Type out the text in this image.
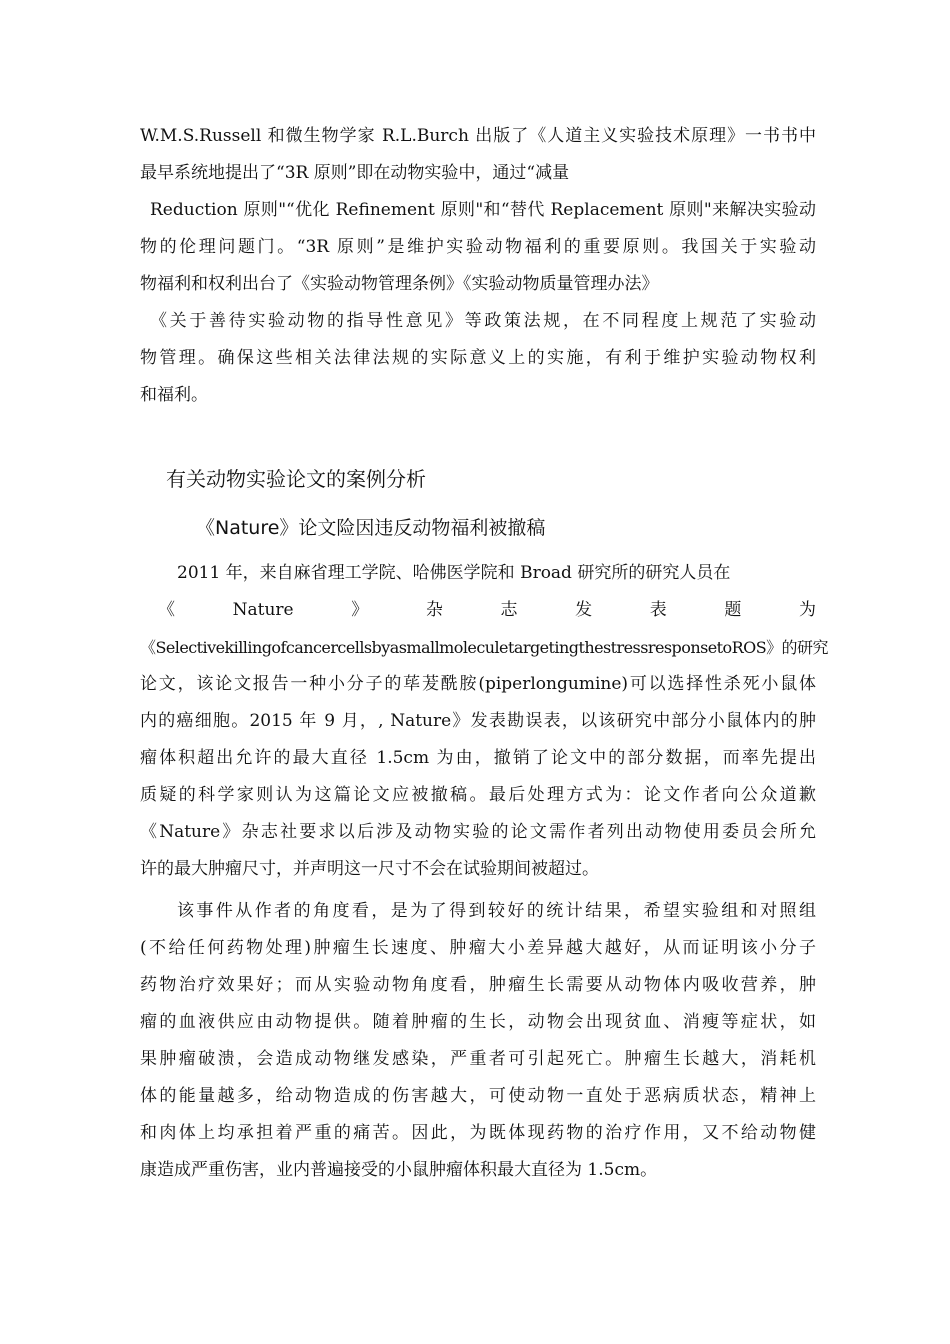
W.M.S.Russell 和微生物学家 R.L.Burch 出版了《人道主义实验技术原理》一书书中
最早系统地提出了“3R 原则”即在动物实验中，通过“减量
Reduction 原则"“优化 Refinement 原则"和“替代 Replacement 原则"来解决实验动
物的伦理问题门。“3R 原则”是维护实验动物福利的重要原则。我国关于实验动
物福利和权利出台了《实验动物管理条例》《实验动物质量管理办法》
《关于善待实验动物的指导性意见》等政策法规，在不同程度上规范了实验动
物管理。确保这些相关法律法规的实际意义上的实施，有利于维护实验动物权利
和福利。
有关动物实验论文的案例分析
《Nature》论文险因违反动物福利被撤稿
2011 年，来自麻省理工学院、哈佛医学院和 Broad 研究所的研究人员在
《	Nature	》	杂	志	发	表	题	为
《SelectivekillingofcancercellsbyasmallmoleculetargetingthestressresponsetoROS》的研究
论文，该论文报告一种小分子的荜茇酰胺(piperlongumine)可以选择性杀死小鼠体
内的癌细胞。2015 年 9 月，, Nature》发表勘误表，以该研究中部分小鼠体内的肿
瘤体积超出允许的最大直径 1.5cm 为由，撤销了论文中的部分数据，而率先提出
质疑的科学家则认为这篇论文应被撤稿。最后处理方式为：论文作者向公众道歉
《Nature》杂志社要求以后涉及动物实验的论文需作者列出动物使用委员会所允
许的最大肿瘤尺寸，并声明这一尺寸不会在试验期间被超过。
该事件从作者的角度看，是为了得到较好的统计结果，希望实验组和对照组
(不给任何药物处理)肿瘤生长速度、肿瘤大小差异越大越好，从而证明该小分子
药物治疗效果好；而从实验动物角度看，肿瘤生长需要从动物体内吸收营养，肿
瘤的血液供应由动物提供。随着肿瘤的生长，动物会出现贫血、消瘦等症状，如
果肿瘤破溃，会造成动物继发感染，严重者可引起死亡。肿瘤生长越大，消耗机
体的能量越多，给动物造成的伤害越大，可使动物一直处于恶病质状态，精神上
和肉体上均承担着严重的痛苦。因此，为既体现药物的治疗作用，又不给动物健
康造成严重伤害，业内普遍接受的小鼠肿瘤体积最大直径为 1.5cm。
